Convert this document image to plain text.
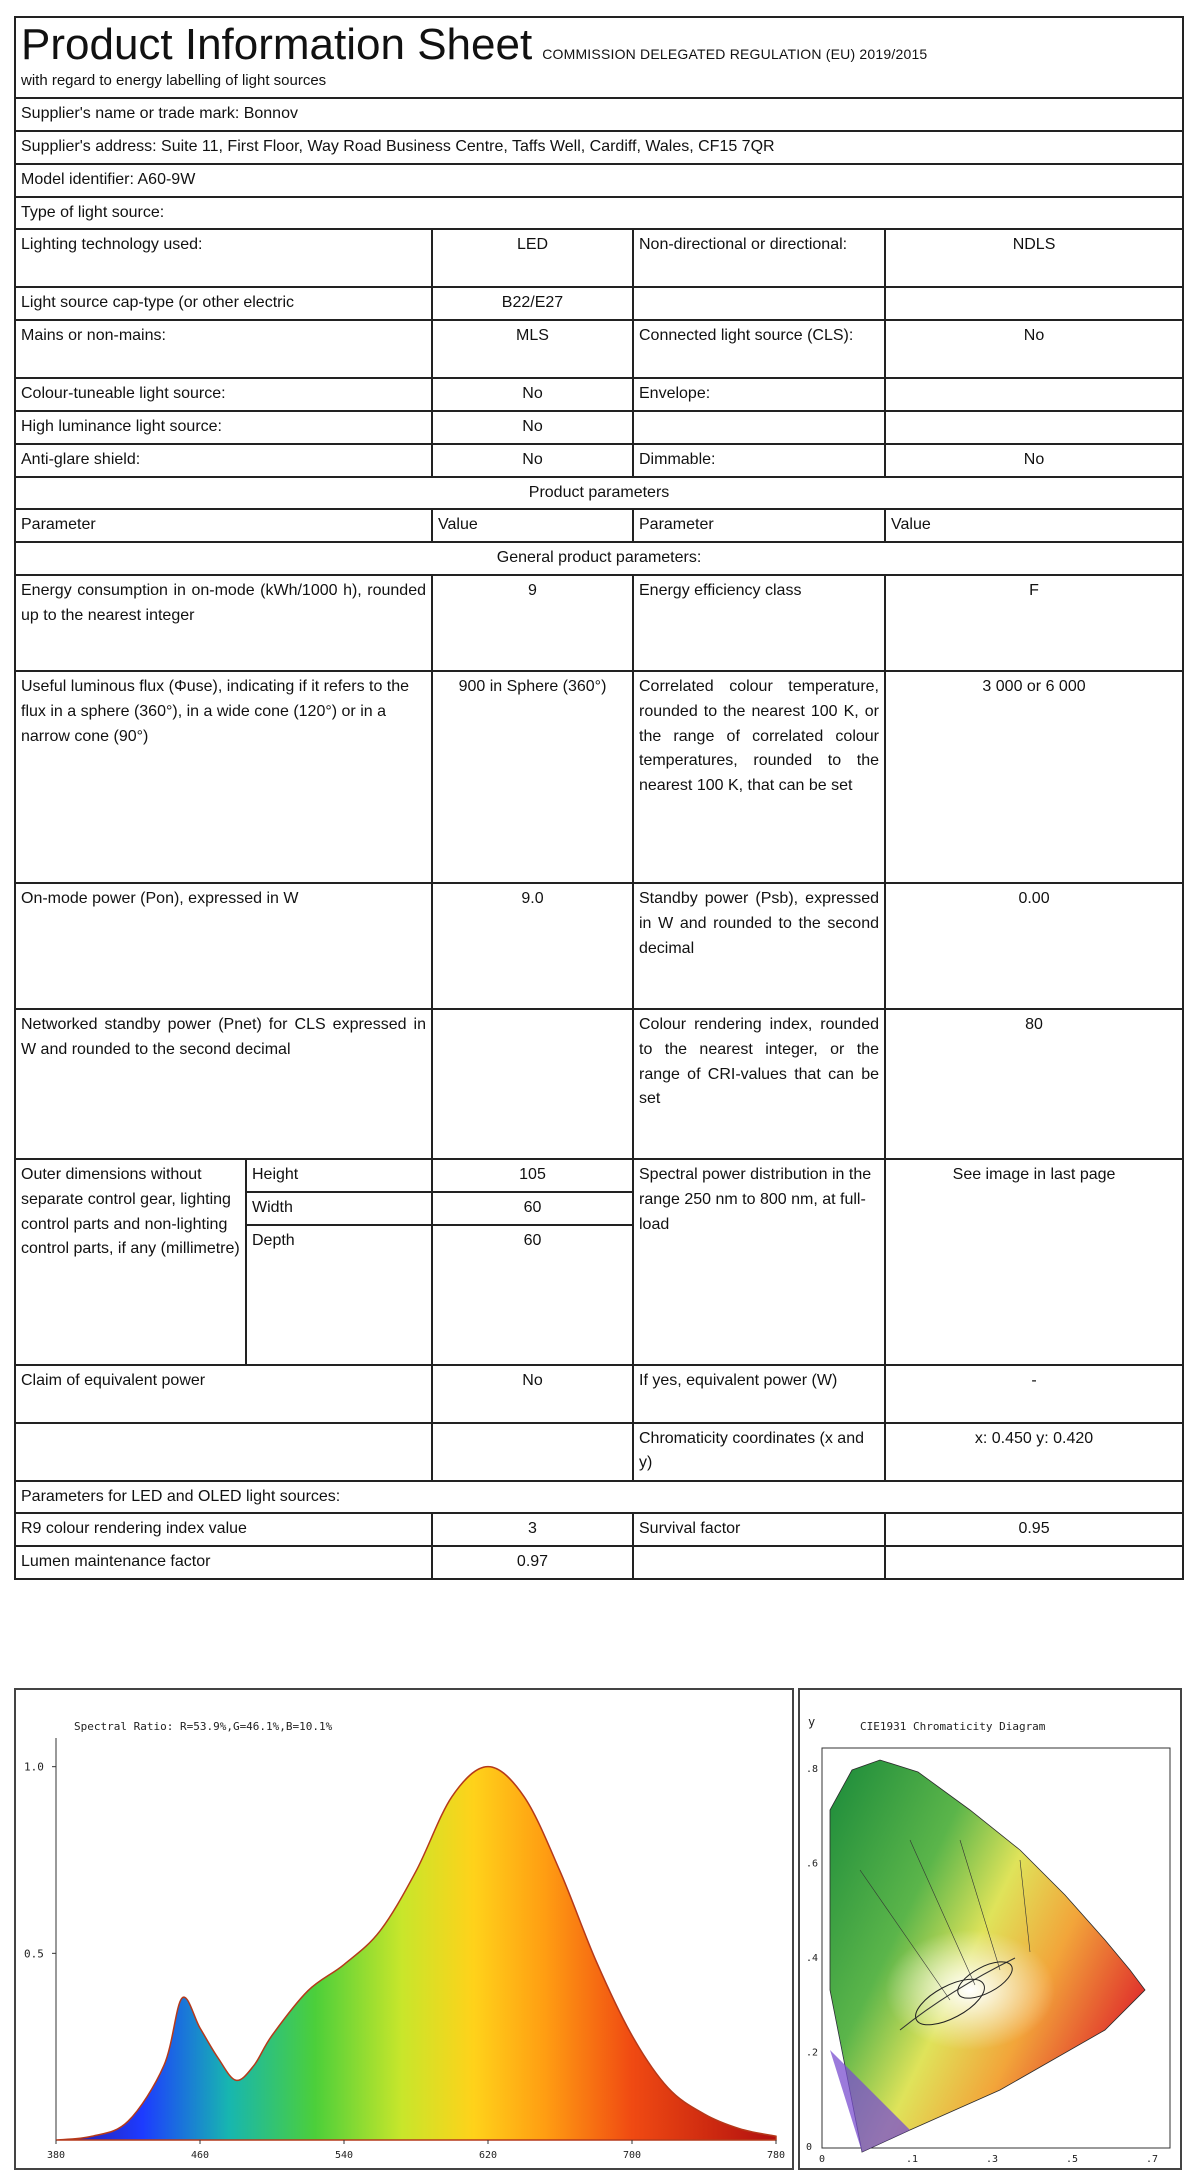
Product Information Sheet COMMISSION DELEGATED REGULATION (EU) 2019/2015
with regard to energy labelling of light sources				
Supplier's name or trade mark: Bonnov				
Supplier's address: Suite 11, First Floor, Way Road Business Centre, Taffs Well, Cardiff, Wales, CF15 7QR				
Model identifier: A60-9W				
Type of light source:				
Lighting technology used:		LED	Non-directional or directional:	NDLS
Light source cap-type (or other electric		B22/E27		
Mains or non-mains:		MLS	Connected light source (CLS):	No
Colour-tuneable light source:		No	Envelope:	
High luminance light source:		No		
Anti-glare shield:		No	Dimmable:	No
Product parameters				
Parameter		Value	Parameter	Value
General product parameters:				
Energy consumption in on-mode (kWh/1000 h), rounded up to the nearest integer		9	Energy efficiency class	F
Useful luminous flux (Φuse), indicating if it refers to the flux in a sphere (360°), in a wide cone (120°) or in a narrow cone (90°)		900 in Sphere (360°)	Correlated colour temperature, rounded to the nearest 100 K, or the range of correlated colour temperatures, rounded to the nearest 100 K, that can be set	3 000 or 6 000
On-mode power (Pon), expressed in W		9.0	Standby power (Psb), expressed in W and rounded to the second decimal	0.00
Networked standby power (Pnet) for CLS expressed in W and rounded to the second decimal			Colour rendering index, rounded to the nearest integer, or the range of CRI-values that can be set	80
Outer dimensions without separate control gear, lighting control parts and non-lighting control parts, if any (millimetre)	Height	105	Spectral power distribution in the range 250 nm to 800 nm, at full-load	See image in last page
	Width	60		
	Depth	60		
Claim of equivalent power		No	If yes, equivalent power (W)	-
			Chromaticity coordinates (x and y)	x: 0.450 y: 0.420
Parameters for LED and OLED light sources:				
R9 colour rendering index value		3	Survival factor	0.95
Lumen maintenance factor		0.97		
Spectral Ratio: R=53.9%,G=46.1%,B=10.1%
1.0
0.5
380	460	540	620	700	780
y	CIE1931 Chromaticity Diagram
.8
.6
.4
.2
0
0	.1	.3	.5	.7
